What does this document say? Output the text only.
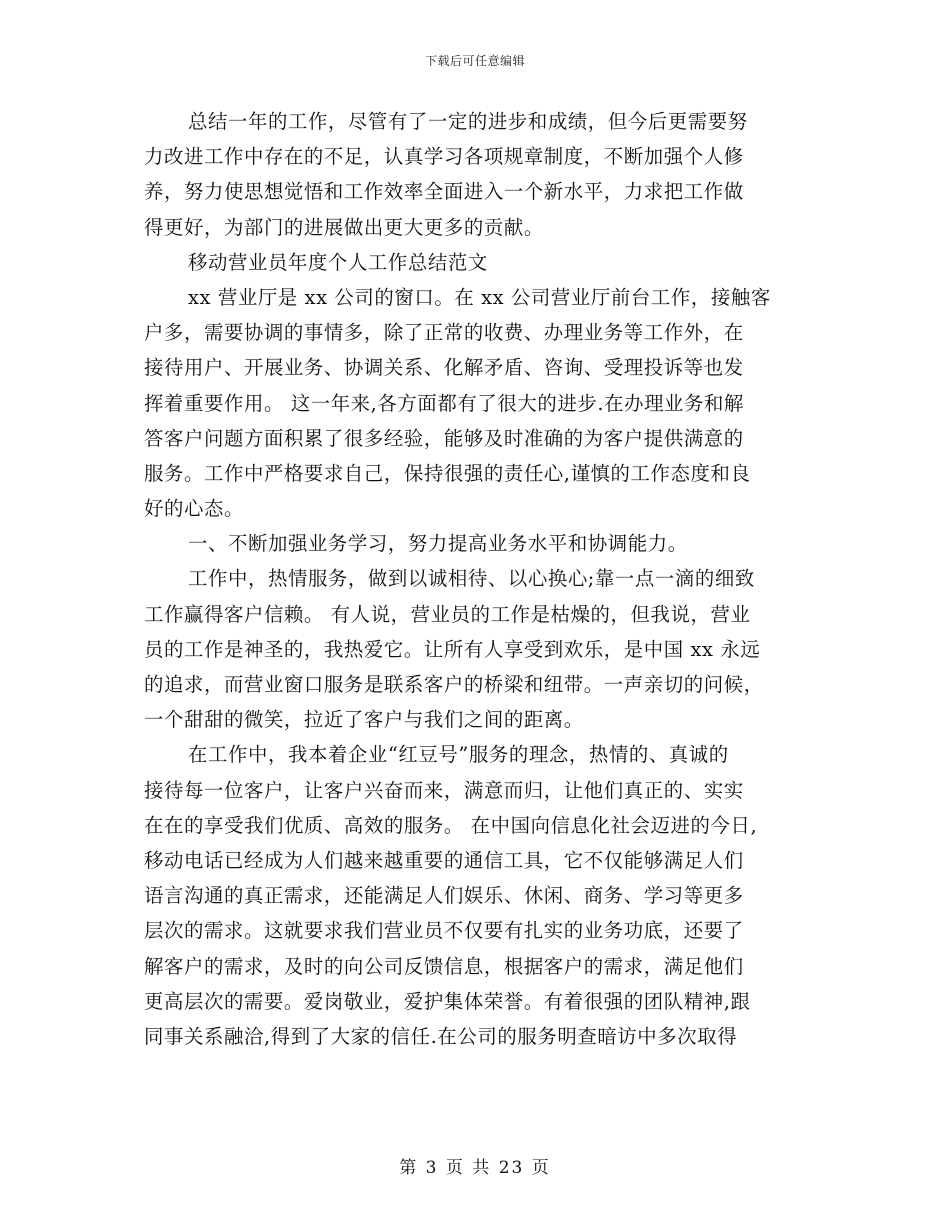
下载后可任意编辑
总结一年的工作，尽管有了一定的进步和成绩，但今后更需要努
力改进工作中存在的不足，认真学习各项规章制度，不断加强个人修
养，努力使思想觉悟和工作效率全面进入一个新水平，力求把工作做
得更好，为部门的进展做出更大更多的贡献。
移动营业员年度个人工作总结范文
xx 营业厅是 xx 公司的窗口。在 xx 公司营业厅前台工作，接触客
户多，需要协调的事情多，除了正常的收费、办理业务等工作外，在
接待用户、开展业务、协调关系、化解矛盾、咨询、受理投诉等也发
挥着重要作用。 这一年来,各方面都有了很大的进步.在办理业务和解
答客户问题方面积累了很多经验，能够及时准确的为客户提供满意的
服务。工作中严格要求自己，保持很强的责任心,谨慎的工作态度和良
好的心态。
一、不断加强业务学习，努力提高业务水平和协调能力。
工作中，热情服务，做到以诚相待、以心换心;靠一点一滴的细致
工作赢得客户信赖。 有人说，营业员的工作是枯燥的，但我说，营业
员的工作是神圣的，我热爱它。让所有人享受到欢乐，是中国 xx 永远
的追求，而营业窗口服务是联系客户的桥梁和纽带。一声亲切的问候，
一个甜甜的微笑，拉近了客户与我们之间的距离。
在工作中，我本着企业“红豆号”服务的理念，热情的、真诚的
接待每一位客户，让客户兴奋而来，满意而归，让他们真正的、实实
在在的享受我们优质、高效的服务。 在中国向信息化社会迈进的今日,
移动电话已经成为人们越来越重要的通信工具，它不仅能够满足人们
语言沟通的真正需求，还能满足人们娱乐、休闲、商务、学习等更多
层次的需求。这就要求我们营业员不仅要有扎实的业务功底，还要了
解客户的需求，及时的向公司反馈信息，根据客户的需求，满足他们
更高层次的需要。爱岗敬业，爱护集体荣誉。有着很强的团队精神,跟
同事关系融洽,得到了大家的信任.在公司的服务明查暗访中多次取得
第 3 页 共 23 页
